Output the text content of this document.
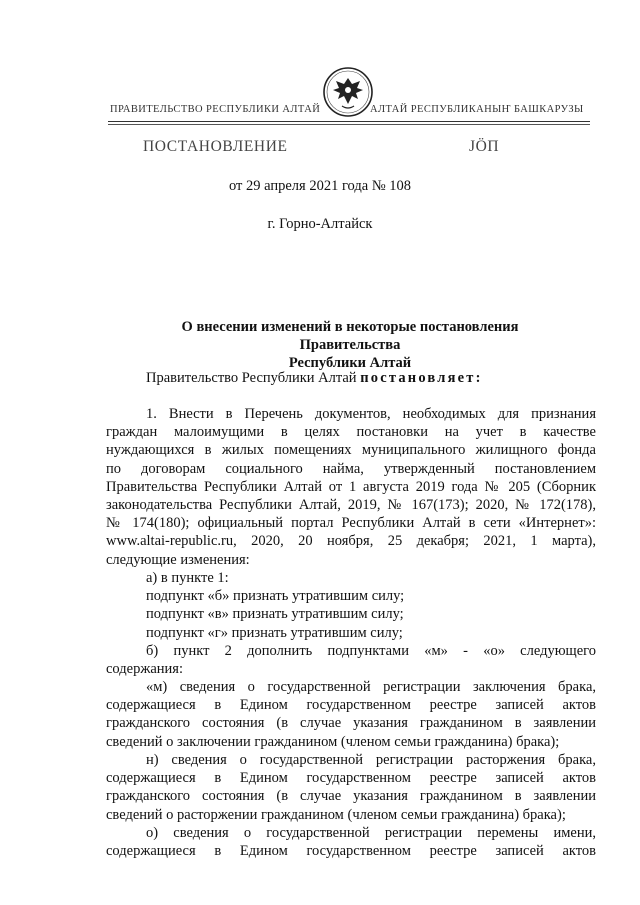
ПРАВИТЕЛЬСТВО РЕСПУБЛИКИ АЛТАЙ	АЛТАЙ РЕСПУБЛИКАНЫҤ БАШКАРУЗЫ
ПОСТАНОВЛЕНИЕ	ЈӦП
от 29 апреля 2021 года № 108
г. Горно-Алтайск
О внесении изменений в некоторые постановления Правительства
Республики Алтай
Правительство Республики Алтай постановляет:
1. Внести в Перечень документов, необходимых для признания
граждан малоимущими в целях постановки на учет в качестве
нуждающихся в жилых помещениях муниципального жилищного фонда
по договорам социального найма, утвержденный постановлением
Правительства Республики Алтай от 1 августа 2019 года № 205 (Сборник
законодательства Республики Алтай, 2019, № 167(173); 2020, № 172(178),
№ 174(180); официальный портал Республики Алтай в сети «Интернет»:
www.altai-republic.ru, 2020, 20 ноября, 25 декабря; 2021, 1 марта),
следующие изменения:
а) в пункте 1:
подпункт «б» признать утратившим силу;
подпункт «в» признать утратившим силу;
подпункт «г» признать утратившим силу;
б) пункт 2 дополнить подпунктами «м» - «о» следующего
содержания:
«м) сведения о государственной регистрации заключения брака,
содержащиеся в Едином государственном реестре записей актов
гражданского состояния (в случае указания гражданином в заявлении
сведений о заключении гражданином (членом семьи гражданина) брака);
н) сведения о государственной регистрации расторжения брака,
содержащиеся в Едином государственном реестре записей актов
гражданского состояния (в случае указания гражданином в заявлении
сведений о расторжении гражданином (членом семьи гражданина) брака);
о) сведения о государственной регистрации перемены имени,
содержащиеся в Едином государственном реестре записей актов
